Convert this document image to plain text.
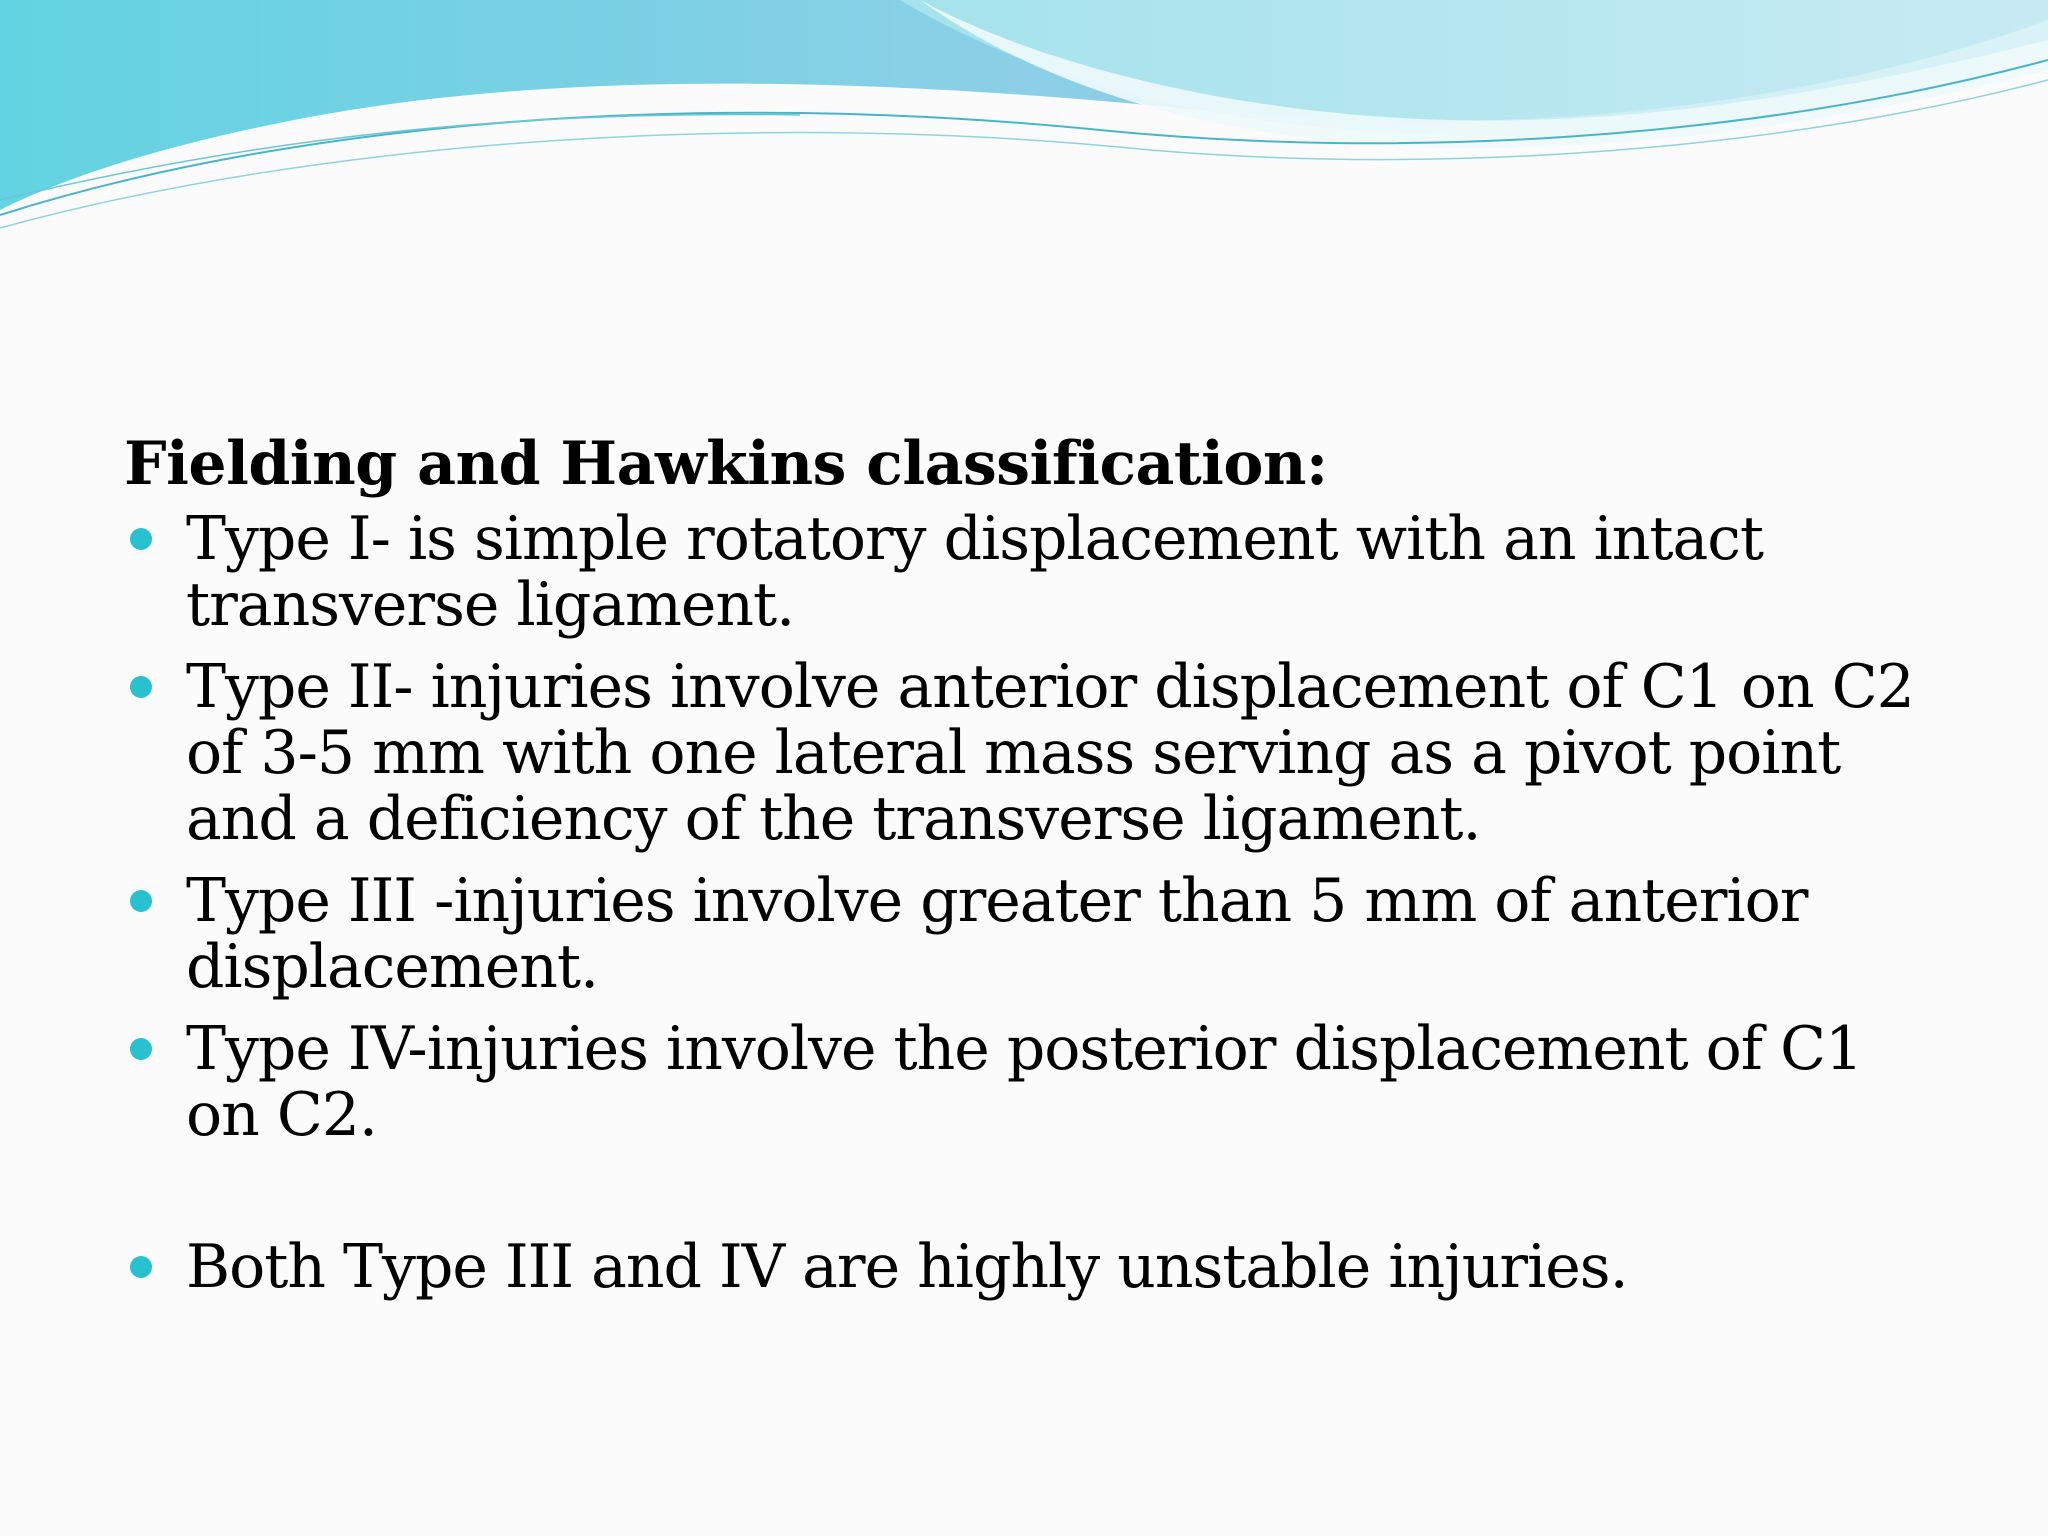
Fielding and Hawkins classification:
Type I- is simple rotatory displacement with an intact transverse ligament.
Type II- injuries involve anterior displacement of C1 on C2 of 3-5 mm with one lateral mass serving as a pivot point and a deficiency of the transverse ligament.
Type III -injuries involve greater than 5 mm of anterior displacement.
Type IV-injuries involve the posterior displacement of C1 on C2.
Both Type III and IV are highly unstable injuries.
